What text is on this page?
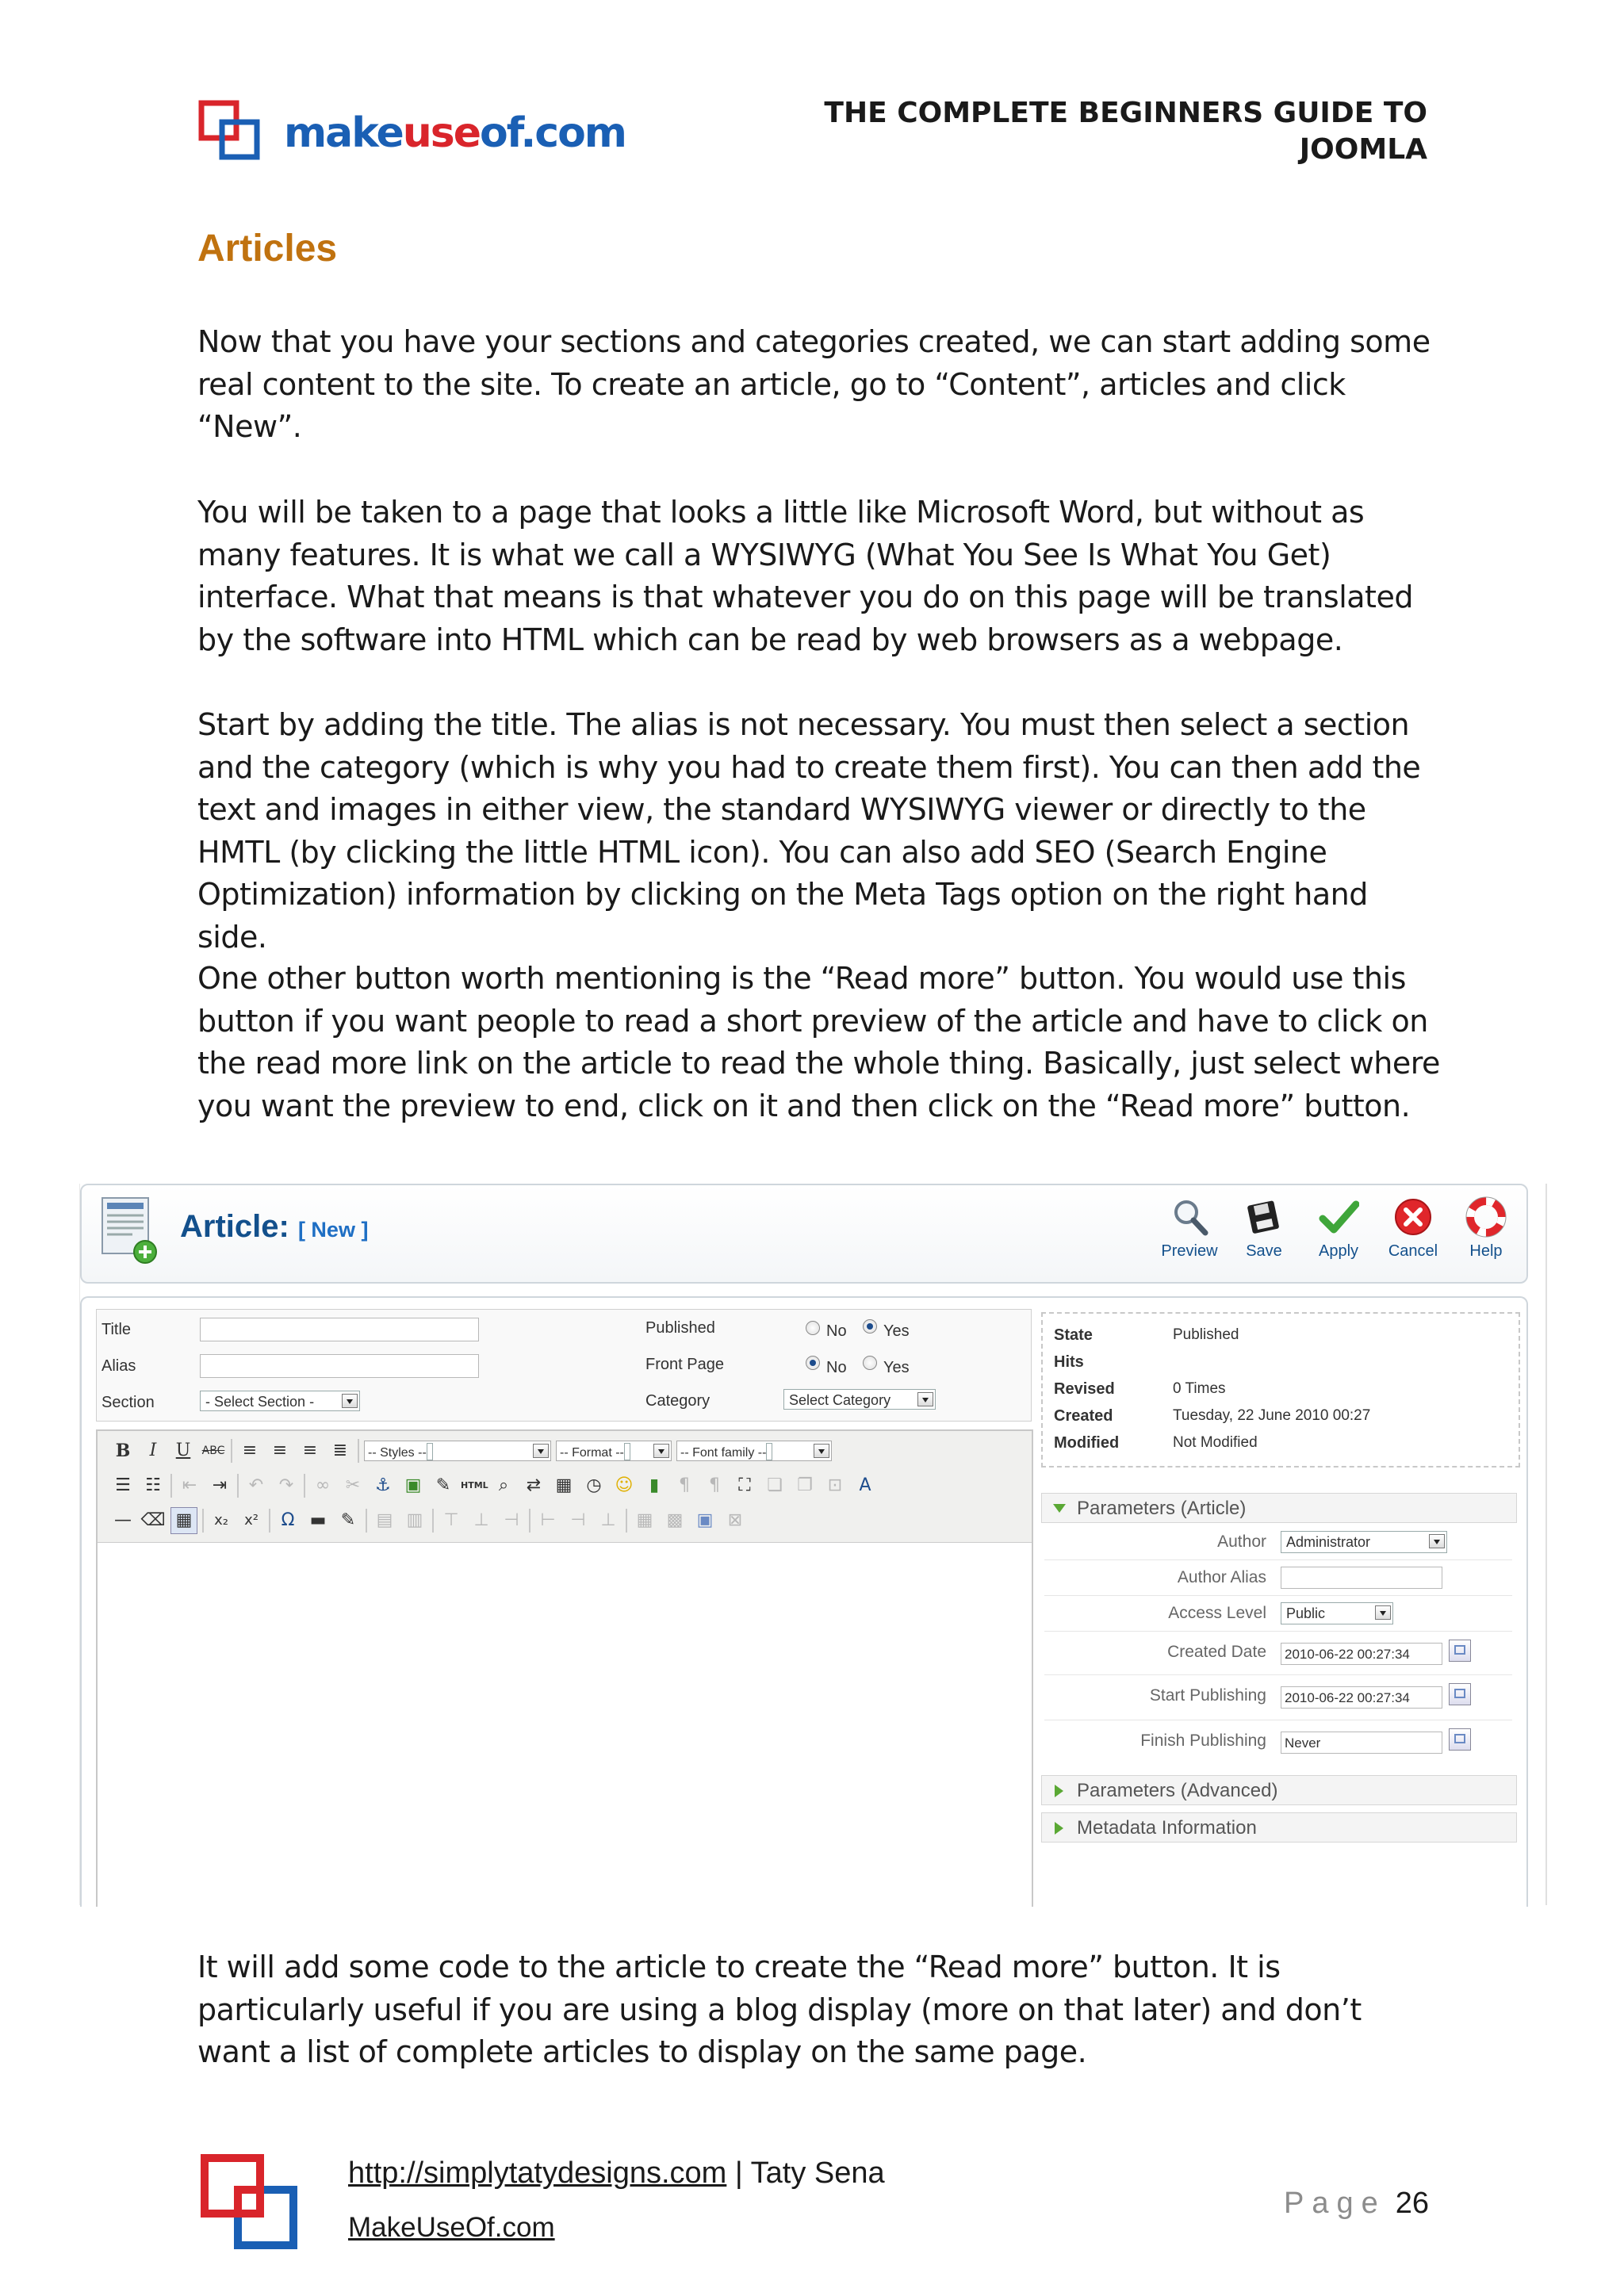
makeuseof.com	THE COMPLETE BEGINNERS GUIDE TO
JOOMLA
Articles
Now that you have your sections and categories created, we can start adding some real content to the site. To create an article, go to “Content”, articles and click “New”.
You will be taken to a page that looks a little like Microsoft Word, but without as many features. It is what we call a WYSIWYG (What You See Is What You Get) interface. What that means is that whatever you do on this page will be translated by the software into HTML which can be read by web browsers as a webpage.
Start by adding the title. The alias is not necessary. You must then select a section and the category (which is why you had to create them first). You can then add the text and images in either view, the standard WYSIWYG viewer or directly to the HMTL (by clicking the little HTML icon). You can also add SEO (Search Engine Optimization) information by clicking on the Meta Tags option on the right hand side.
One other button worth mentioning is the “Read more” button. You would use this button if you want people to read a short preview of the article and have to click on the read more link on the article to read the whole thing. Basically, just select where you want the preview to end, click on it and then click on the “Read more” button.
Article: [ New ]
Preview	Save	Apply	Cancel	Help
Title
Alias
Section	- Select Section -
Published	No Yes
Front Page	No Yes
Category	Select Category
State	Published
Hits
Revised	0 Times
Created	Tuesday, 22 June 2010 00:27
Modified	Not Modified
B	I	U	ABC	≡ ≡ ≡ ≣	-- Styles --	-- Format --	-- Font family --
☰ ☷	⇤ ⇥	↶ ↷	∞ ✂ ⚓ ▣ ✎	HTML ⌕	⇄ ▦ ◷ ☺ ▮	¶	¶	⛶ ❏ ❐ ⊡ A
— ⌫ ▦	x₂	x²	Ω ▬ ✎	▤ ▥ ⊤ ⊥ ⊣ ⊢ ⊣ ⊥ ▦ ▩ ▣ ⊠
Parameters (Article)
Author	Administrator
Author Alias
Access Level	Public
Created Date 2010-06-22 00:27:34
Start Publishing 2010-06-22 00:27:34
Finish Publishing Never
Parameters (Advanced)
Metadata Information
It will add some code to the article to create the “Read more” button. It is particularly useful if you are using a blog display (more on that later) and don’t want a list of complete articles to display on the same page.
http://simplytatydesigns.com | Taty Sena
MakeUseOf.com
Page 26
